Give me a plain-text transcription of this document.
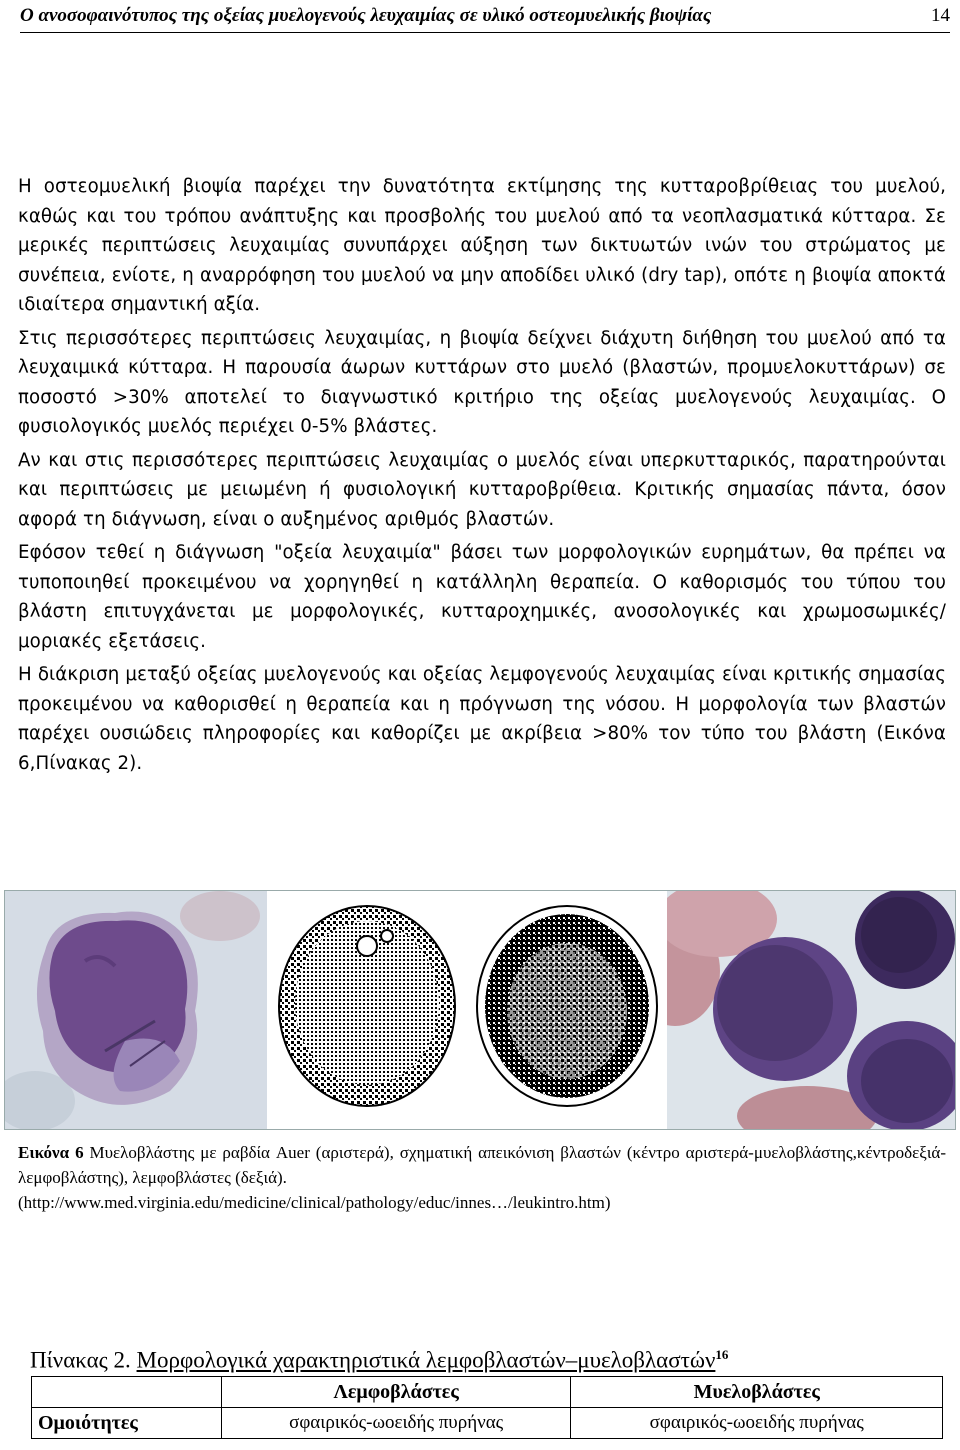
Ο ανοσοφαινότυπος της οξείας μυελογενούς λευχαιμίας σε υλικό οστεομυελικής βιοψίας	14

Η οστεομυελική βιοψία παρέχει την δυνατότητα εκτίμησης της κυτταροβρίθειας του μυελού, καθώς και του τρόπου ανάπτυξης και προσβολής του μυελού από τα νεοπλασματικά κύτταρα. Σε μερικές περιπτώσεις λευχαιμίας συνυπάρχει αύξηση των δικτυωτών ινών του στρώματος με συνέπεια, ενίοτε, η αναρρόφηση του μυελού να μην αποδίδει υλικό (dry tap), οπότε η βιοψία αποκτά ιδιαίτερα σημαντική αξία.

Στις περισσότερες περιπτώσεις λευχαιμίας, η βιοψία δείχνει διάχυτη διήθηση του μυελού από τα λευχαιμικά κύτταρα. Η παρουσία άωρων κυττάρων στο μυελό (βλαστών, προμυελοκυττάρων) σε ποσοστό >30% αποτελεί το διαγνωστικό κριτήριο της οξείας μυελογενούς λευχαιμίας. Ο φυσιολογικός μυελός περιέχει 0-5% βλάστες.

Αν και στις περισσότερες περιπτώσεις λευχαιμίας ο μυελός είναι υπερκυτταρικός, παρατηρούνται και περιπτώσεις με μειωμένη ή φυσιολογική κυτταροβρίθεια. Κριτικής σημασίας πάντα, όσον αφορά τη διάγνωση, είναι ο αυξημένος αριθμός βλαστών.

Εφόσον τεθεί η διάγνωση "οξεία λευχαιμία" βάσει των μορφολογικών ευρημάτων, θα πρέπει να τυποποιηθεί προκειμένου να χορηγηθεί η κατάλληλη θεραπεία. Ο καθορισμός του τύπου του βλάστη επιτυγχάνεται με μορφολογικές, κυτταροχημικές, ανοσολογικές και χρωμοσωμικές/μοριακές εξετάσεις.

Η διάκριση μεταξύ οξείας μυελογενούς και οξείας λεμφογενούς λευχαιμίας είναι κριτικής σημασίας προκειμένου να καθορισθεί η θεραπεία και η πρόγνωση της νόσου. Η μορφολογία των βλαστών παρέχει ουσιώδεις πληροφορίες και καθορίζει με ακρίβεια >80% τον τύπο του βλάστη (Εικόνα 6,Πίνακας 2).

Εικόνα 6 Μυελοβλάστης με ραβδία Auer (αριστερά), σχηματική απεικόνιση βλαστών (κέντρο αριστερά-μυελοβλάστης,κέντροδεξιά-λεμφοβλάστης), λεμφοβλάστες (δεξιά).

(http://www.med.virginia.edu/medicine/clinical/pathology/educ/innes…/leukintro.htm)

Πίνακας 2. Μορφολογικά χαρακτηριστικά λεμφοβλαστών–μυελοβλαστών$^{16}$
	Λεμφοβλάστες	Μυελοβλάστες
Ομοιότητες	σφαιρικός-ωοειδής πυρήνας	σφαιρικός-ωοειδής πυρήνας
